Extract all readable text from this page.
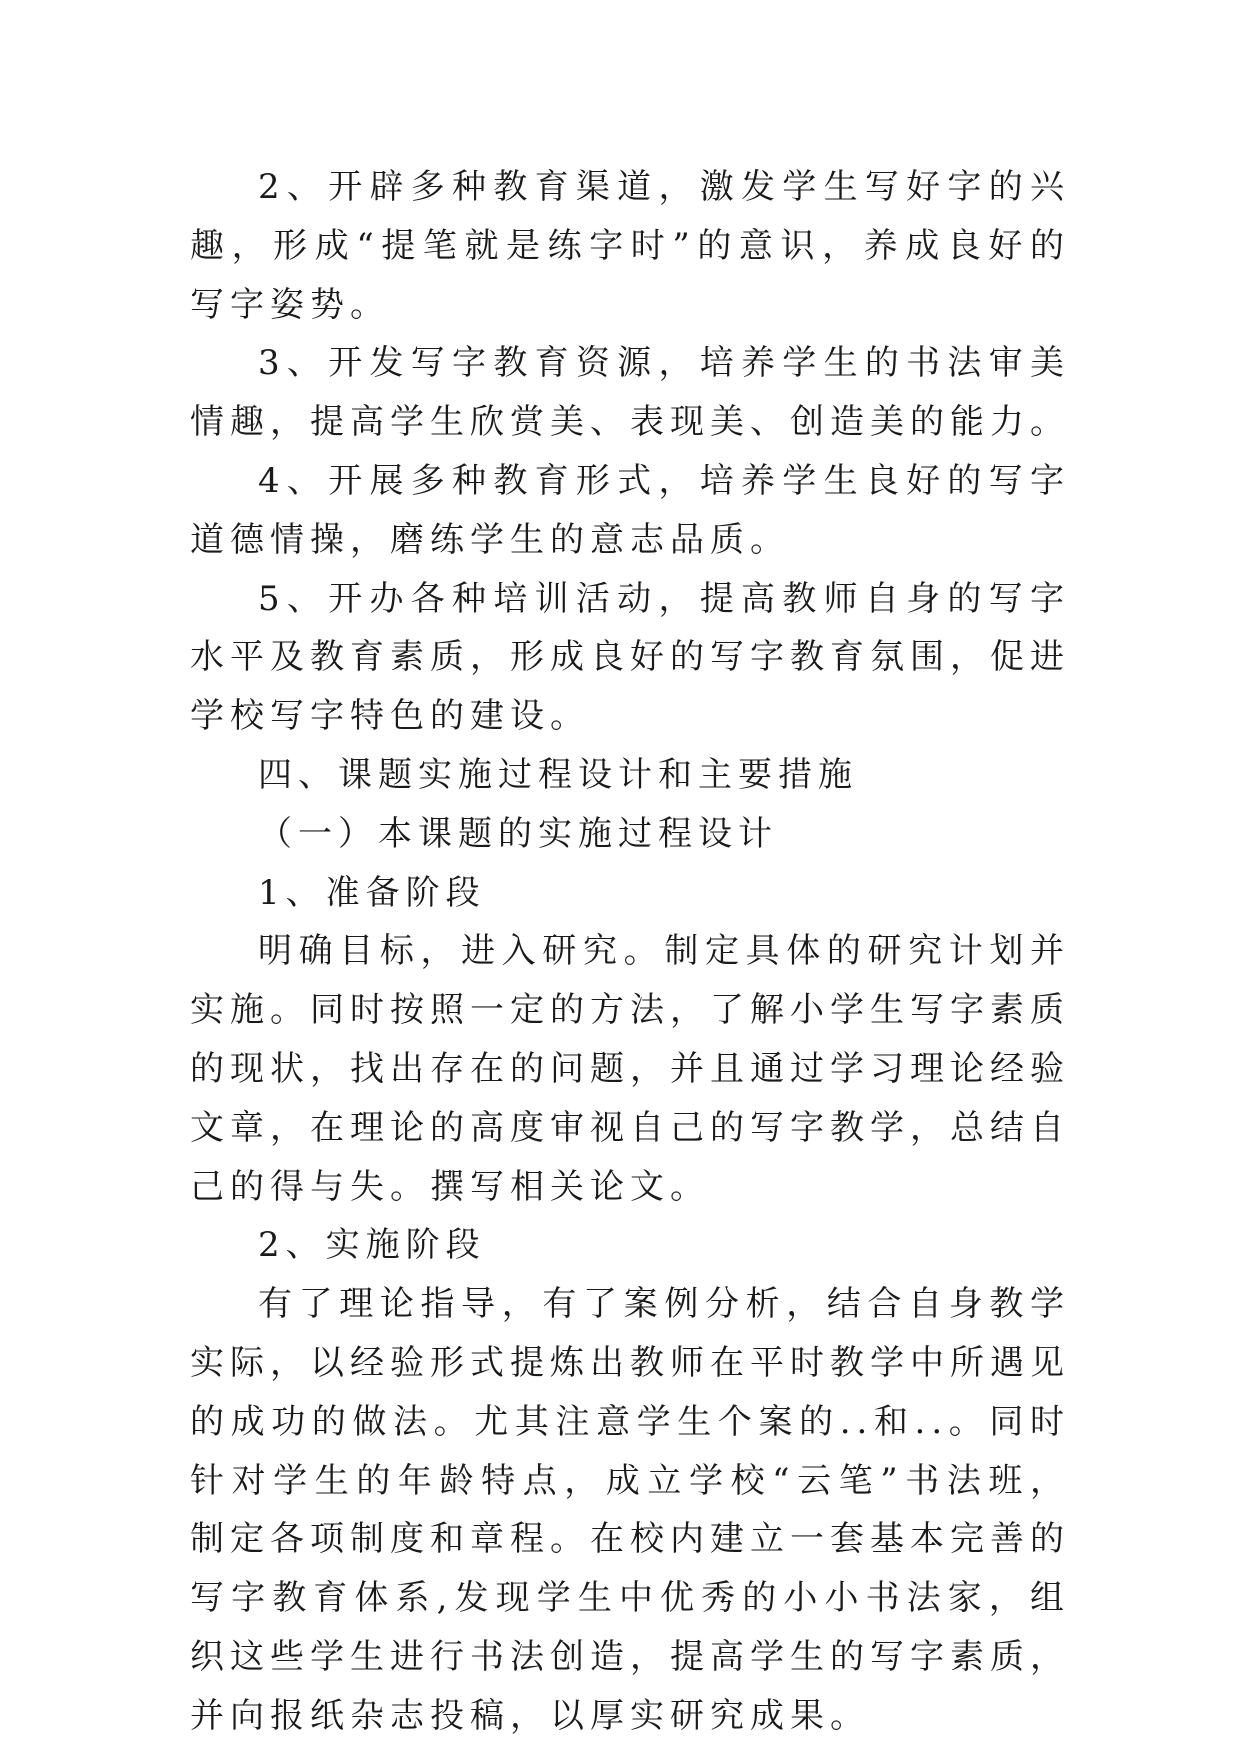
2、开辟多种教育渠道，激发学生写好字的兴趣，形成“提笔就是练字时”的意识，养成良好的写字姿势。

3、开发写字教育资源，培养学生的书法审美情趣，提高学生欣赏美、表现美、创造美的能力。

4、开展多种教育形式，培养学生良好的写字道德情操，磨练学生的意志品质。

5、开办各种培训活动，提高教师自身的写字水平及教育素质，形成良好的写字教育氛围，促进学校写字特色的建设。

四、课题实施过程设计和主要措施

（一）本课题的实施过程设计

1、准备阶段

明确目标，进入研究。制定具体的研究计划并实施。同时按照一定的方法，了解小学生写字素质的现状，找出存在的问题，并且通过学习理论经验文章，在理论的高度审视自己的写字教学，总结自己的得与失。撰写相关论文。

2、实施阶段

有了理论指导，有了案例分析，结合自身教学实际，以经验形式提炼出教师在平时教学中所遇见的成功的做法。尤其注意学生个案的..和..。同时针对学生的年龄特点，成立学校“云笔”书法班，制定各项制度和章程。在校内建立一套基本完善的写字教育体系,发现学生中优秀的小小书法家，组织这些学生进行书法创造，提高学生的写字素质，并向报纸杂志投稿，以厚实研究成果。
